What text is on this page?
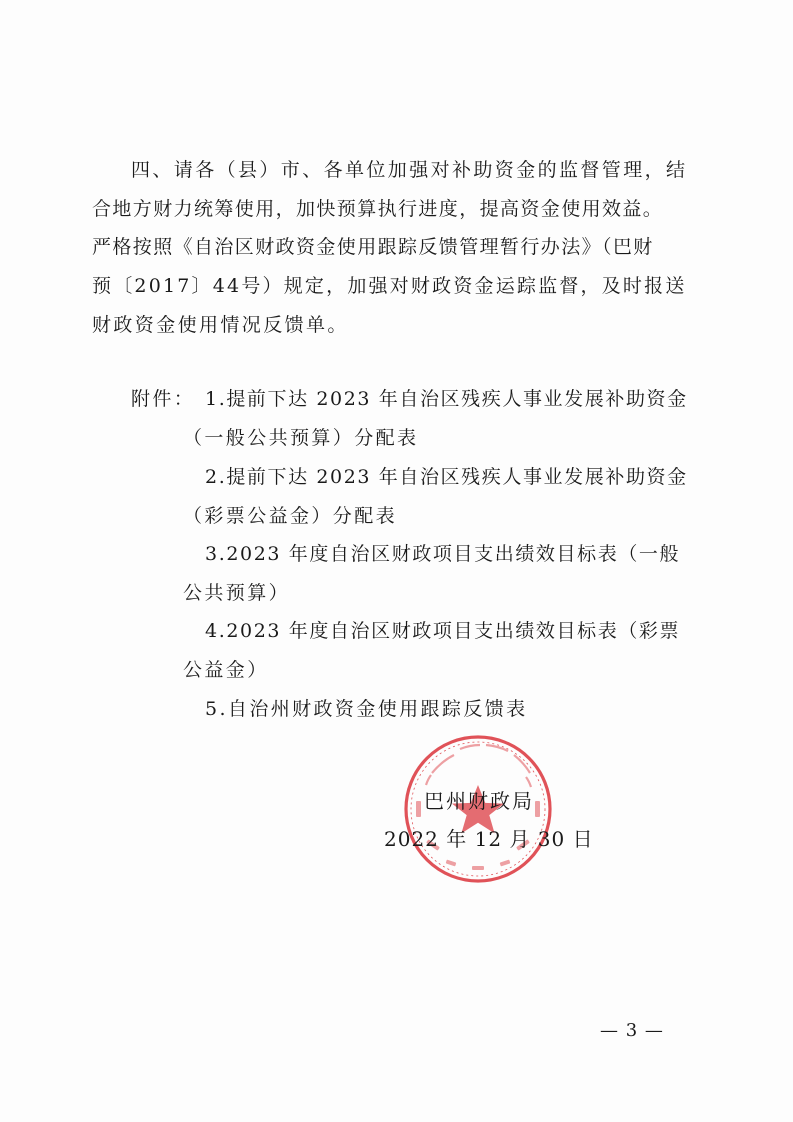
四、请各（县）市、各单位加强对补助资金的监督管理，结
合地方财力统筹使用，加快预算执行进度，提高资金使用效益。
严格按照《自治区财政资金使用跟踪反馈管理暂行办法》（巴财
预〔2017〕44号）规定，加强对财政资金运踪监督，及时报送
财政资金使用情况反馈单。
附件： 1.提前下达 2023 年自治区残疾人事业发展补助资金
（一般公共预算）分配表
2.提前下达 2023 年自治区残疾人事业发展补助资金
（彩票公益金）分配表
3.2023 年度自治区财政项目支出绩效目标表（一般
公共预算）
4.2023 年度自治区财政项目支出绩效目标表（彩票
公益金）
5.自治州财政资金使用跟踪反馈表
巴州财政局
2022 年 12 月 30 日
— 3 —
